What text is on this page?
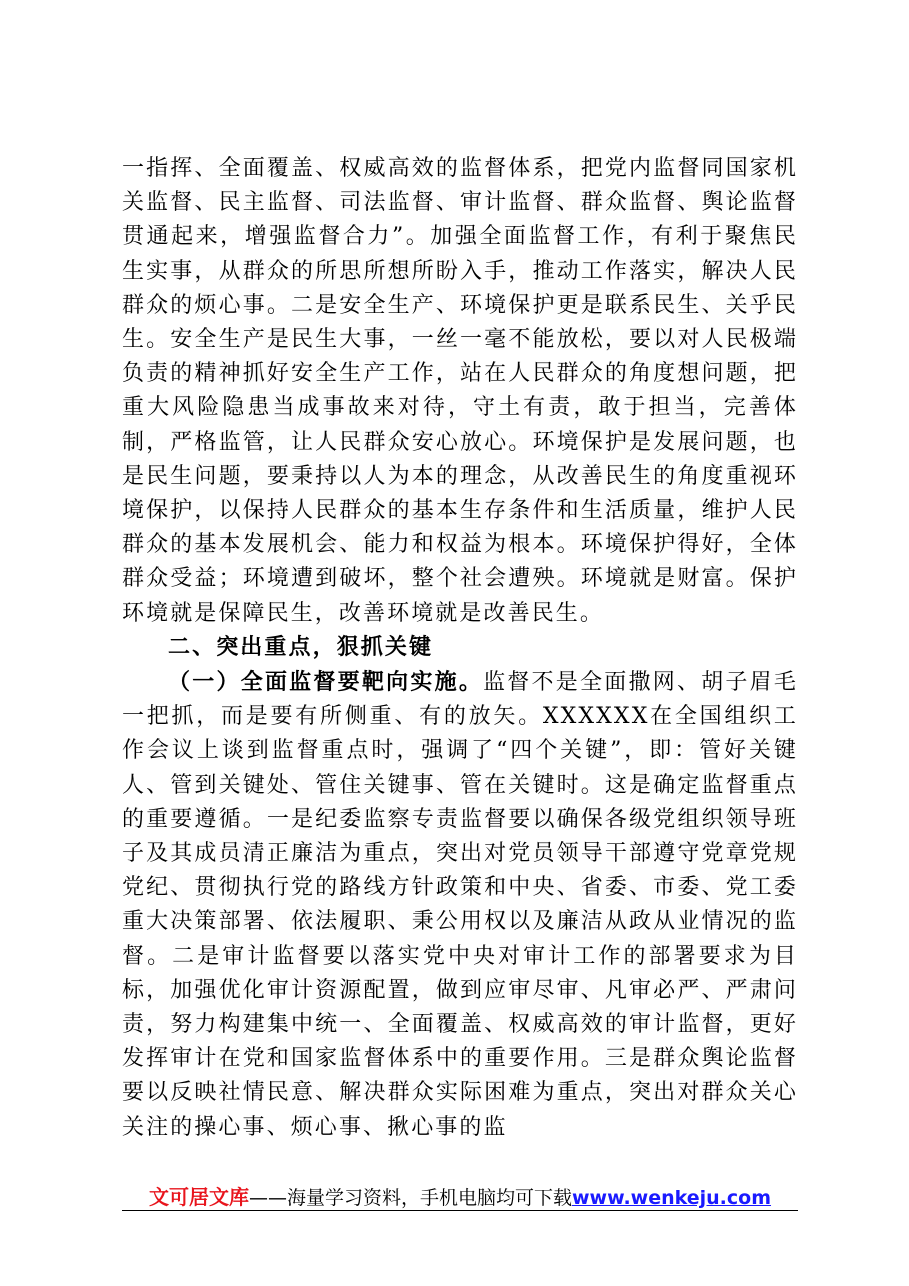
一指挥、全面覆盖、权威高效的监督体系，把党内监督同国家机关监督、民主监督、司法监督、审计监督、群众监督、舆论监督贯通起来，增强监督合力”。加强全面监督工作，有利于聚焦民生实事，从群众的所思所想所盼入手，推动工作落实，解决人民群众的烦心事。二是安全生产、环境保护更是联系民生、关乎民生。安全生产是民生大事，一丝一毫不能放松，要以对人民极端负责的精神抓好安全生产工作，站在人民群众的角度想问题，把重大风险隐患当成事故来对待，守土有责，敢于担当，完善体制，严格监管，让人民群众安心放心。环境保护是发展问题，也是民生问题，要秉持以人为本的理念，从改善民生的角度重视环境保护，以保持人民群众的基本生存条件和生活质量，维护人民群众的基本发展机会、能力和权益为根本。环境保护得好，全体群众受益；环境遭到破坏，整个社会遭殃。环境就是财富。保护环境就是保障民生，改善环境就是改善民生。

二、突出重点，狠抓关键

（一）全面监督要靶向实施。监督不是全面撒网、胡子眉毛一把抓，而是要有所侧重、有的放矢。XXXXXX在全国组织工作会议上谈到监督重点时，强调了“四个关键”，即：管好关键人、管到关键处、管住关键事、管在关键时。这是确定监督重点的重要遵循。一是纪委监察专责监督要以确保各级党组织领导班子及其成员清正廉洁为重点，突出对党员领导干部遵守党章党规党纪、贯彻执行党的路线方针政策和中央、省委、市委、党工委重大决策部署、依法履职、秉公用权以及廉洁从政从业情况的监督。二是审计监督要以落实党中央对审计工作的部署要求为目标，加强优化审计资源配置，做到应审尽审、凡审必严、严肃问责，努力构建集中统一、全面覆盖、权威高效的审计监督，更好发挥审计在党和国家监督体系中的重要作用。三是群众舆论监督要以反映社情民意、解决群众实际困难为重点，突出对群众关心关注的操心事、烦心事、揪心事的监

文可居文库——海量学习资料，手机电脑均可下载www.wenkeju.com
